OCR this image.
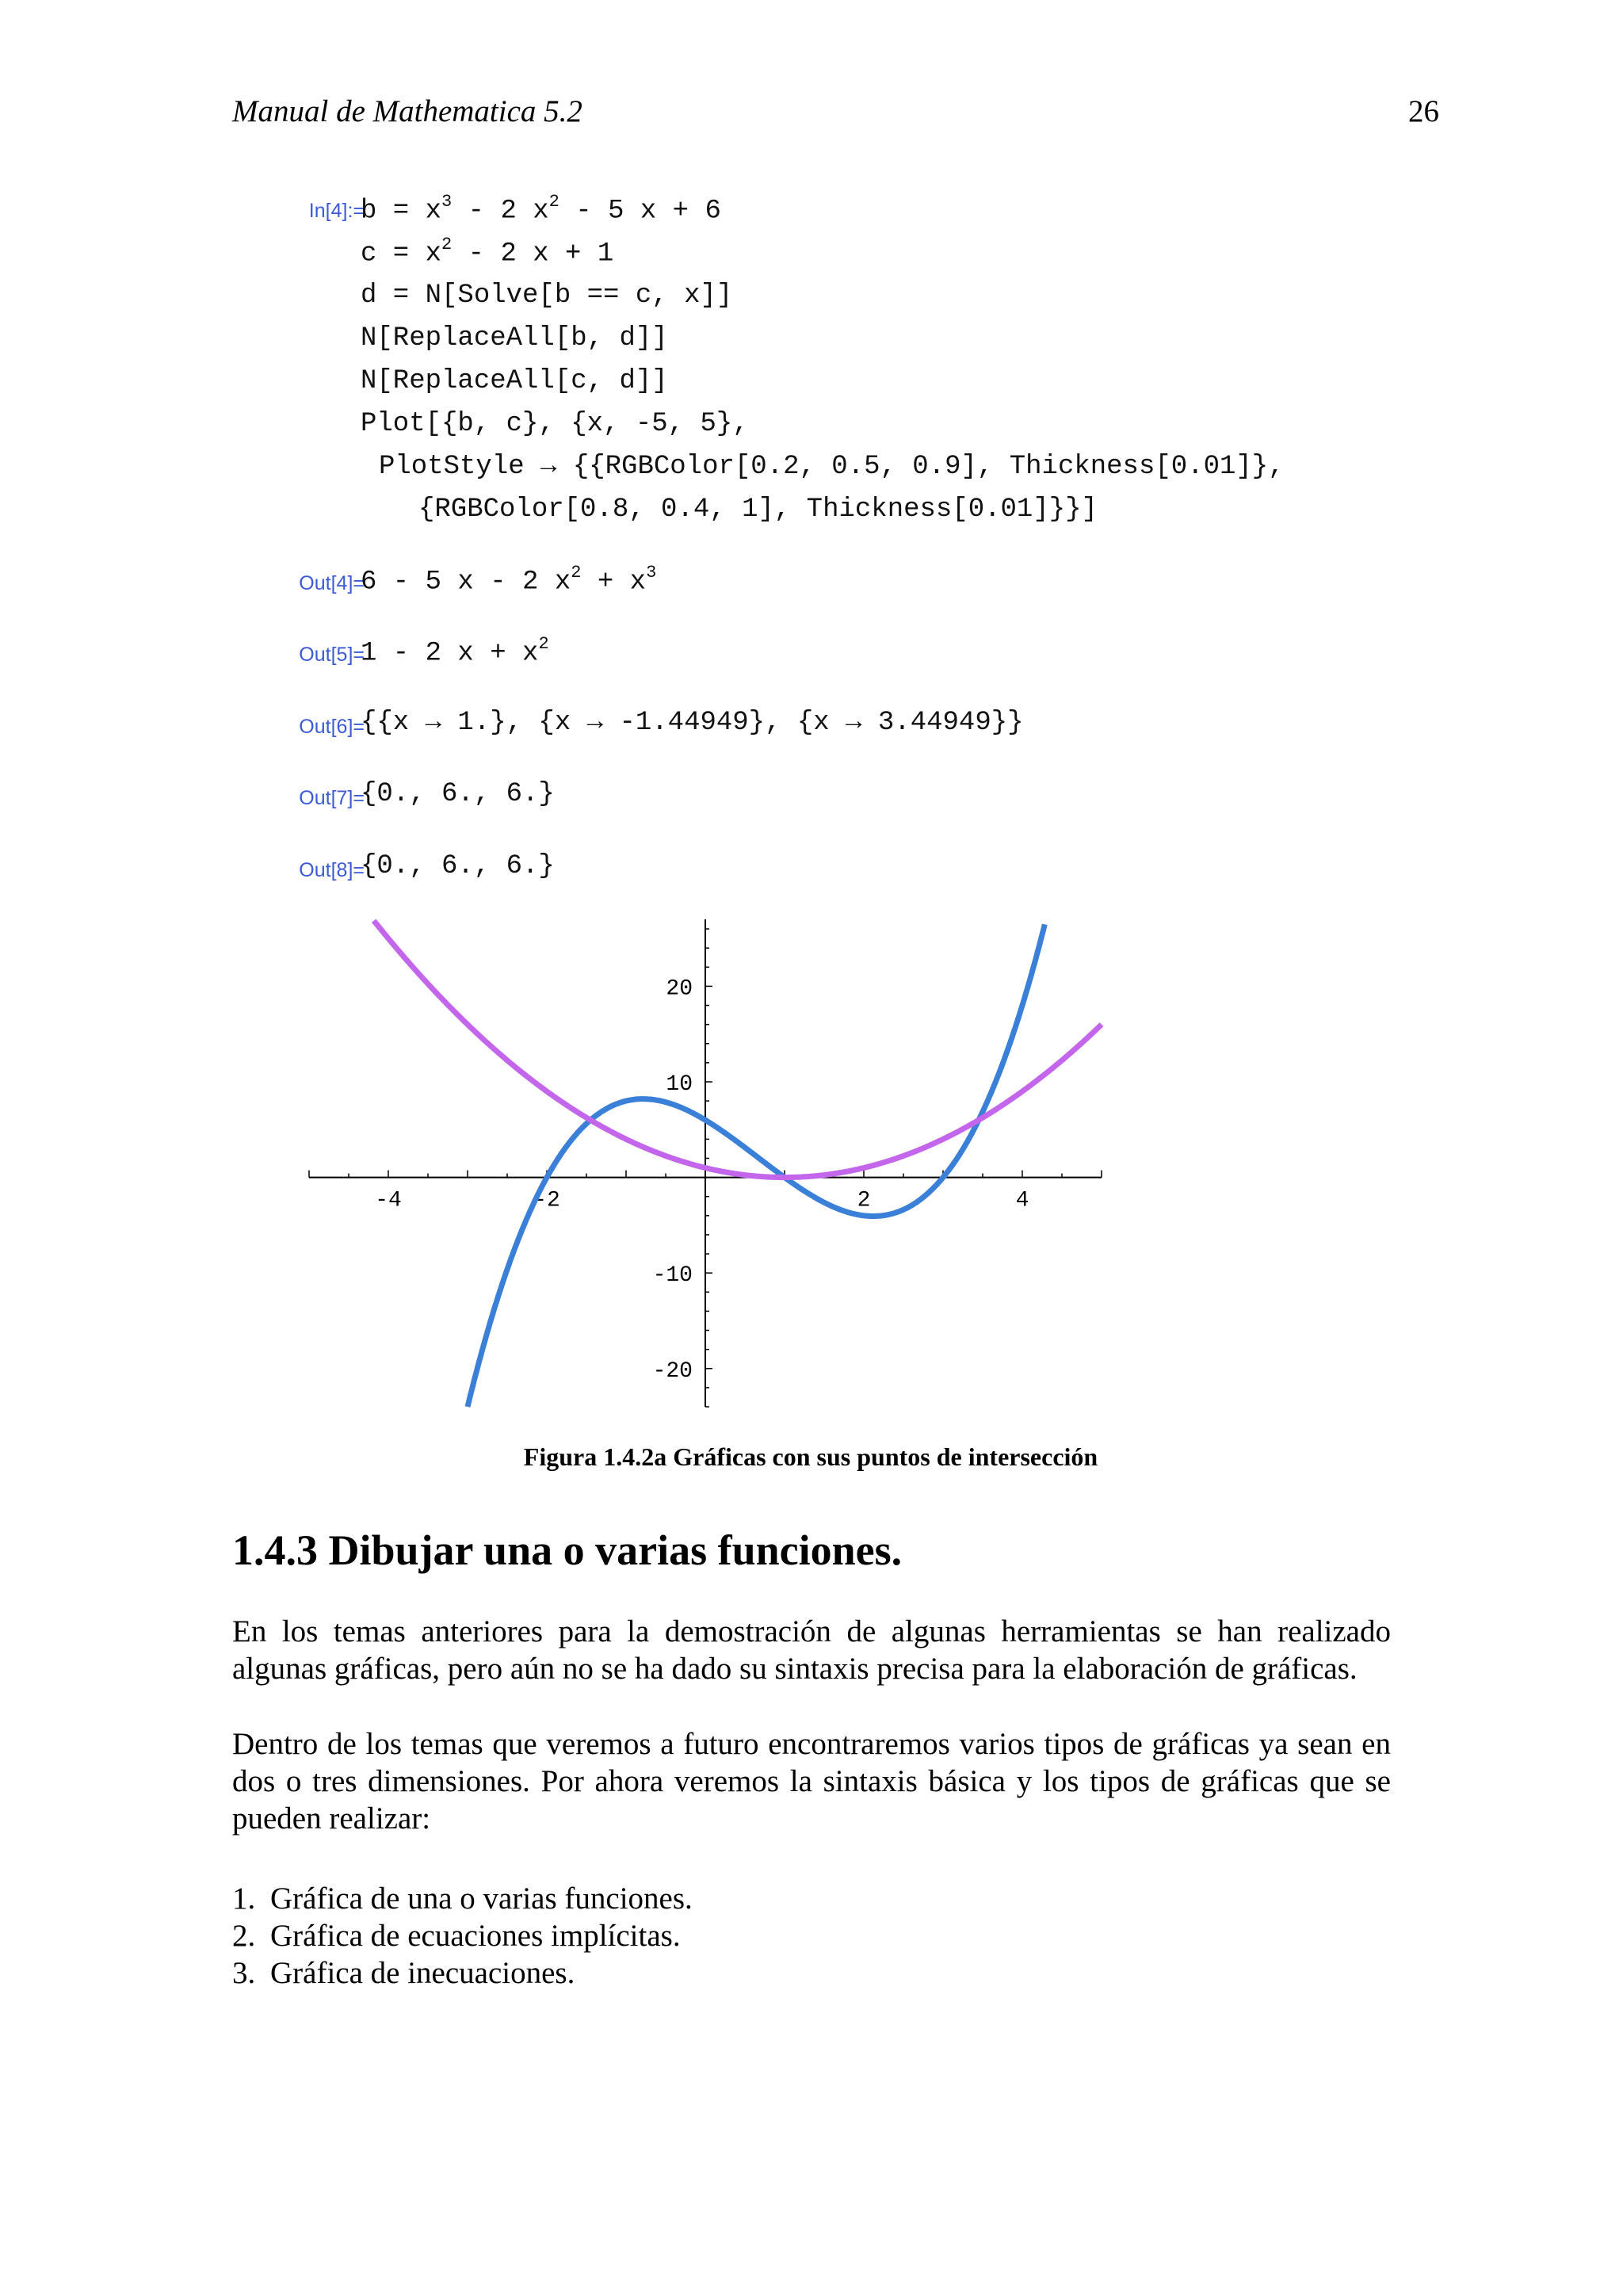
Manual de Mathematica 5.2	26
In[4]:=
$b = x^3 - 2$ $x^2 - 5$ x + 6
$c = x^2 - 2$ x + 1
d = N[Solve[b == c, x]]
N[ReplaceAll[b, d]]
N[ReplaceAll[c, d]]
Plot[{b, c}, {x, -5, 5},
PlotStyle → {{RGBColor[0.2, 0.5, 0.9], Thickness[0.01]},
{RGBColor[0.8, 0.4, 1], Thickness[0.01]}}]
Out[4]=
6 - 5 x - 2 $x^2 + x^3$
Out[5]=
1 - 2 $x + x^2$
Out[6]=
{{x → 1.}, {x → -1.44949}, {x → 3.44949}}
Out[7]=
{0., 6., 6.}
Out[8]=
{0., 6., 6.}
-4	-2	2	4
20
10
-10
-20
Figura 1.4.2a Gráficas con sus puntos de intersección
1.4.3 Dibujar una o varias funciones.
En los temas anteriores para la demostración de algunas herramientas se han realizado algunas gráficas, pero aún no se ha dado su sintaxis precisa para la elaboración de gráficas.
Dentro de los temas que veremos a futuro encontraremos varios tipos de gráficas ya sean en dos o tres dimensiones. Por ahora veremos la sintaxis básica y los tipos de gráficas que se pueden realizar:
1. Gráfica de una o varias funciones.
2. Gráfica de ecuaciones implícitas.
3. Gráfica de inecuaciones.
